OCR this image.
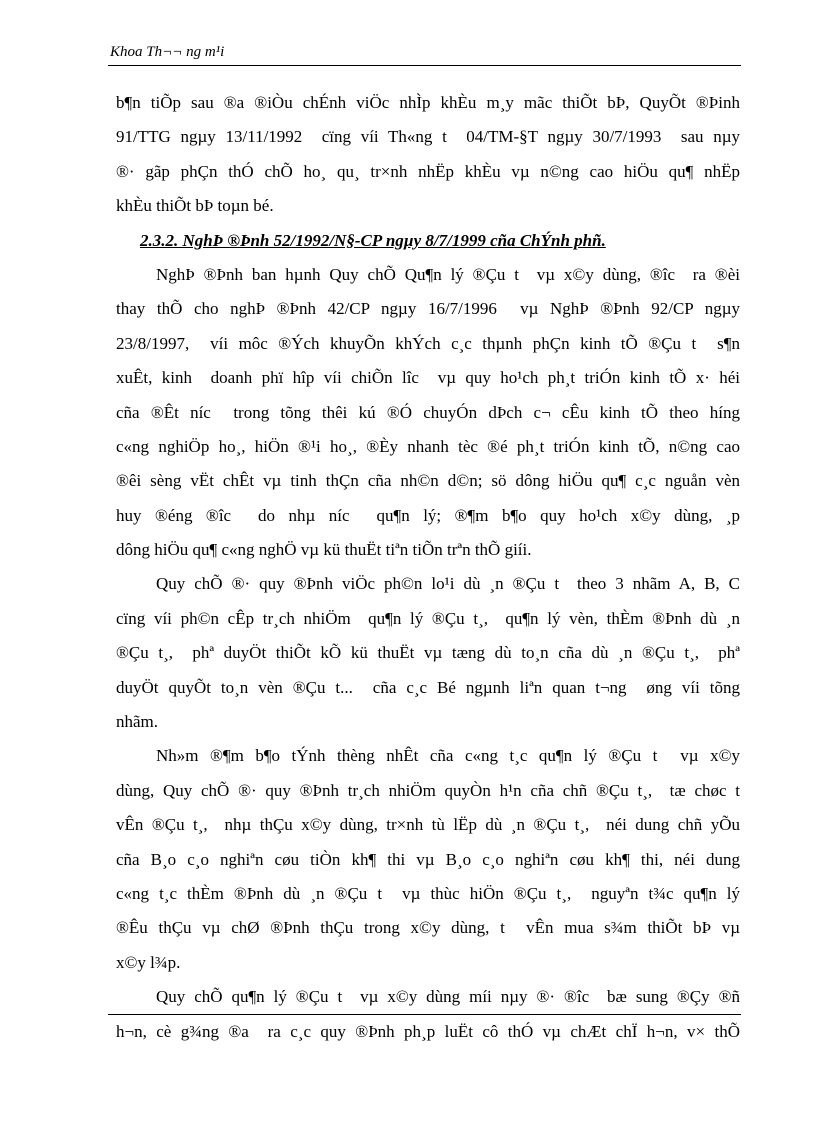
Khoa Th¬¬ ng m¹i
b¶n tiÕp sau ®a ®iÒu chÉnh viÖc nhÌp khÈu m¸y mãc thiÕt bÞ, QuyÕt ®Þinh
91/TTG ngµy 13/11/1992  cïng víi Th«ng t  04/TM-§T ngµy 30/7/1993  sau nµy
®· gãp phÇn thÓ chÕ ho¸ qu¸ tr×nh nhËp khÈu vµ n©ng cao hiÖu qu¶ nhËp
khÈu thiÕt bÞ toµn bé.
2.3.2. NghÞ ®Þnh 52/1992/N§-CP ngµy 8/7/1999 cña ChÝnh phñ.
NghÞ ®Þnh ban hµnh Quy chÕ Qu¶n lý ®Çu t  vµ x©y dùng, ®îc  ra ®èi
thay thÕ cho nghÞ ®Þnh 42/CP ngµy 16/7/1996  vµ NghÞ ®Þnh 92/CP ngµy
23/8/1997,  víi môc ®Ých khuyÕn khÝch c¸c thµnh phÇn kinh tÕ ®Çu t  s¶n
xuÊt, kinh  doanh phï hîp víi chiÕn lîc  vµ quy ho¹ch ph¸t triÓn kinh tÕ x· héi
cña ®Êt níc  trong tõng thêi kú ®Ó chuyÓn dÞch c¬ cÊu kinh tÕ theo híng
c«ng nghiÖp ho¸, hiÖn ®¹i ho¸, ®Èy nhanh tèc ®é ph¸t triÓn kinh tÕ, n©ng cao
®êi sèng vËt chÊt vµ tinh thÇn cña nh©n d©n; sö dông hiÖu qu¶ c¸c nguån vèn
huy ®éng ®îc  do nhµ níc  qu¶n lý; ®¶m b¶o quy ho¹ch x©y dùng, ¸p
dông hiÖu qu¶ c«ng nghÖ vµ kü thuËt tiªn tiÕn trªn thÕ giíi.
Quy chÕ ®· quy ®Þnh viÖc ph©n lo¹i dù ¸n ®Çu t  theo 3 nhãm A, B, C
cïng víi ph©n cÊp tr¸ch nhiÖm  qu¶n lý ®Çu t¸,  qu¶n lý vèn, thÈm ®Þnh dù ¸n
®Çu t¸,  phª duyÖt thiÕt kÕ kü thuËt vµ tæng dù to¸n cña dù ¸n ®Çu t¸,  phª
duyÖt quyÕt to¸n vèn ®Çu t...  cña c¸c Bé ngµnh liªn quan t¬ng  øng víi tõng
nhãm.
Nh»m ®¶m b¶o tÝnh thèng nhÊt cña c«ng t¸c qu¶n lý ®Çu t  vµ x©y
dùng, Quy chÕ ®· quy ®Þnh tr¸ch nhiÖm quyÒn h¹n cña chñ ®Çu t¸,  tæ chøc t
vÊn ®Çu t¸,  nhµ thÇu x©y dùng, tr×nh tù lËp dù ¸n ®Çu t¸,  néi dung chñ yÕu
cña B¸o c¸o nghiªn cøu tiÒn kh¶ thi vµ B¸o c¸o nghiªn cøu kh¶ thi, néi dung
c«ng t¸c thÈm ®Þnh dù ¸n ®Çu t  vµ thùc hiÖn ®Çu t¸,  nguyªn t¾c qu¶n lý
®Êu thÇu vµ chØ ®Þnh thÇu trong x©y dùng, t  vÊn mua s¾m thiÕt bÞ vµ
x©y l¾p.
Quy chÕ qu¶n lý ®Çu t  vµ x©y dùng míi nµy ®· ®îc  bæ sung ®Çy ®ñ
h¬n, cè g¾ng ®a  ra c¸c quy ®Þnh ph¸p luËt cô thÓ vµ chÆt chÏ h¬n, v× thÕ
